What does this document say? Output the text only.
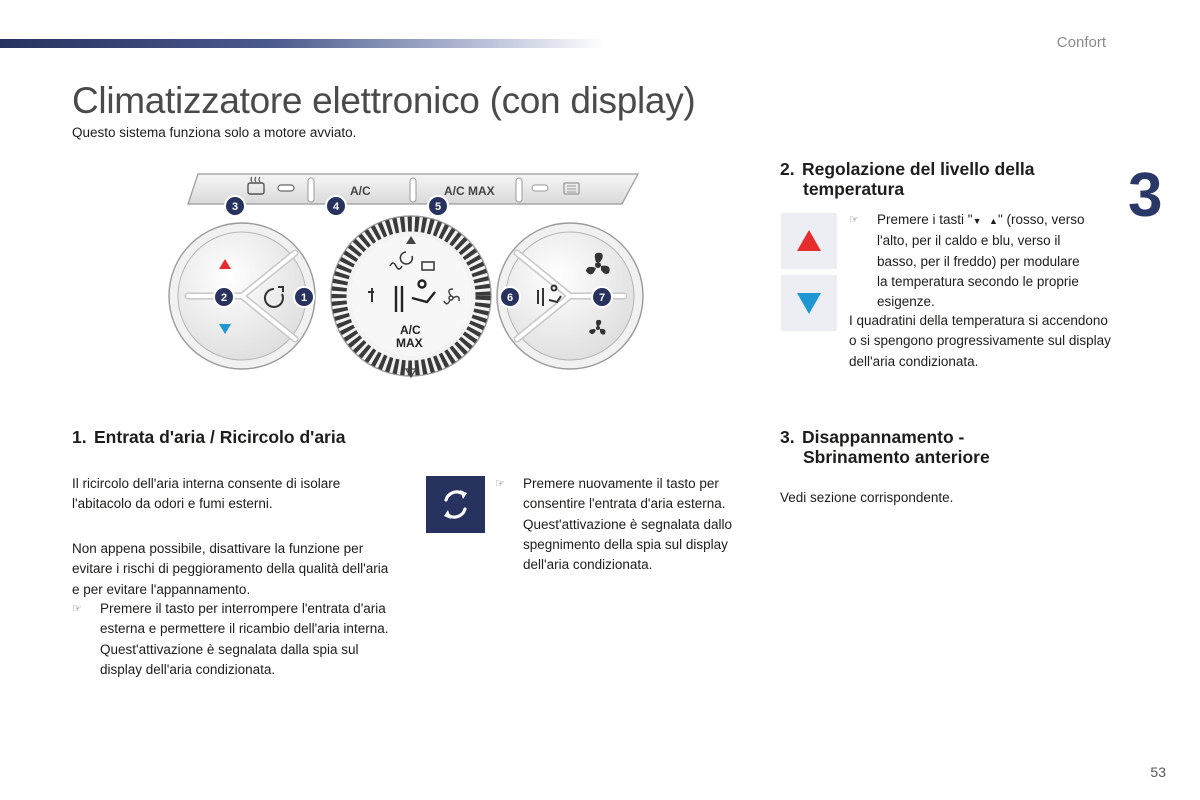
Confort
3
Climatizzatore elettronico (con display)
Questo sistema funziona solo a motore avviato.
A/C	A/C MAX
A/C
MAX
3	4	5
2	1	6	7
1. Entrata d'aria / Ricircolo d'aria

Il ricircolo dell'aria interna consente di isolare l'abitacolo da odori e fumi esterni.

Non appena possibile, disattivare la funzione per evitare i rischi di peggioramento della qualità dell'aria e per evitare l'appannamento.

☞ Premere il tasto per interrompere l'entrata d'aria esterna e permettere il ricambio dell'aria interna. Quest'attivazione è segnalata dalla spia sul display dell'aria condizionata.
☞ Premere nuovamente il tasto per consentire l'entrata d'aria esterna. Quest'attivazione è segnalata dallo spegnimento della spia sul display dell'aria condizionata.
2. Regolazione del livello della
temperatura
☞ Premere i tasti "▼ ▲" (rosso, verso l'alto, per il caldo e blu, verso il basso, per il freddo) per modulare la temperatura secondo le proprie esigenze.

I quadratini della temperatura si accendono o si spengono progressivamente sul display dell'aria condizionata.

3. Disappannamento -
Sbrinamento anteriore

Vedi sezione corrispondente.

53
